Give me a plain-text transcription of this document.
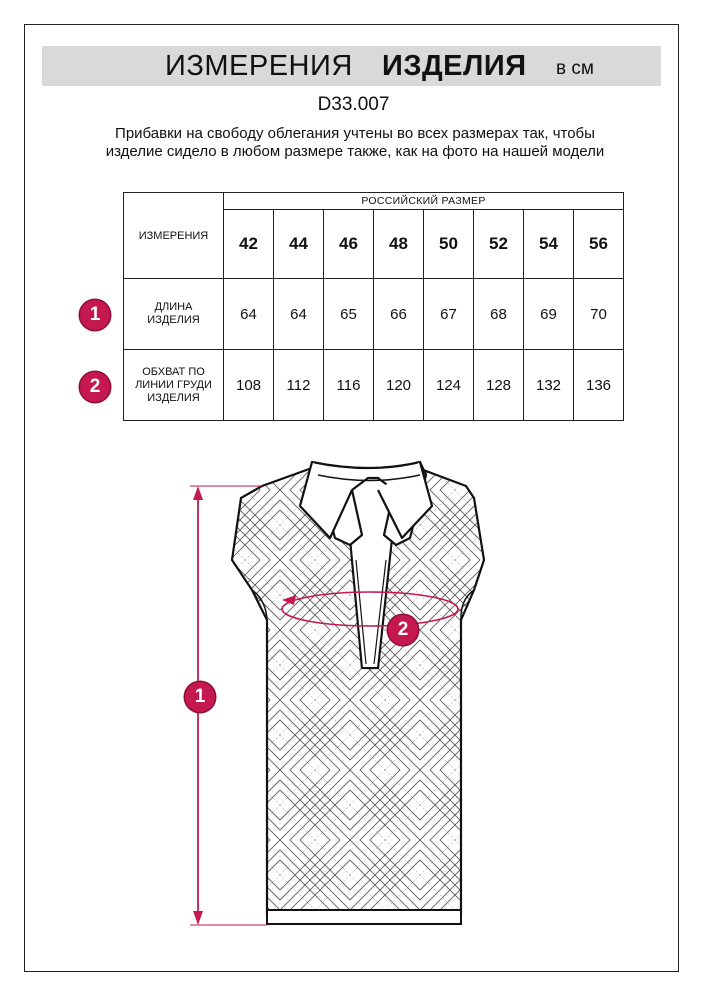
ИЗМЕРЕНИЯ ИЗДЕЛИЯ в см
D33.007
Прибавки на свободу облегания учтены во всех размерах так, чтобы изделие сидело в любом размере также, как на фото на нашей модели
ИЗМЕРЕНИЯ	РОССИЙСКИЙ РАЗМЕР							
	42	44	46	48	50	52	54	56
ДЛИНА ИЗДЕЛИЯ	64	64	65	66	67	68	69	70
ОБХВАТ ПО ЛИНИИ ГРУДИ ИЗДЕЛИЯ	108	112	116	120	124	128	132	136
1
2
1
2
